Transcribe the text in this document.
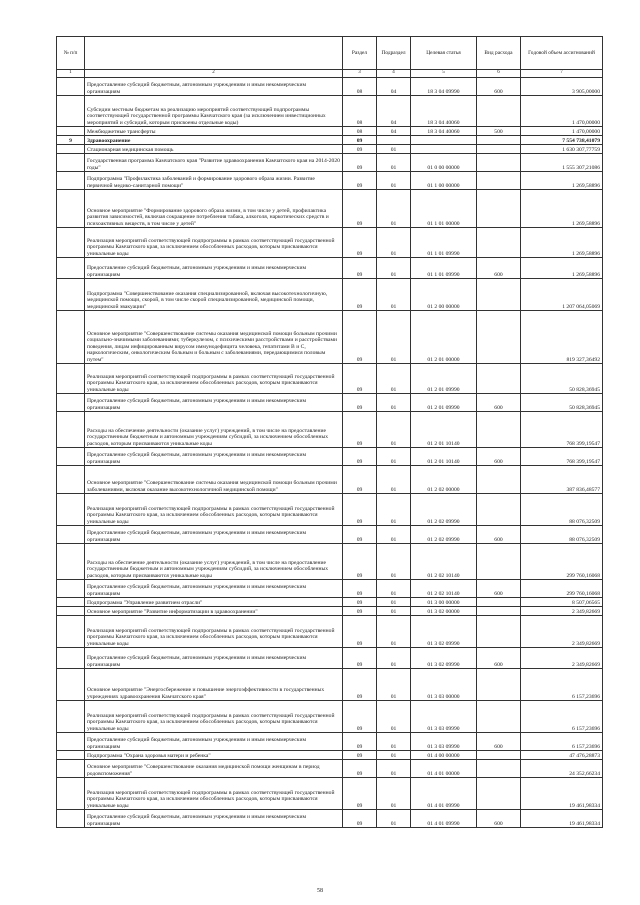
№ п/п		Раздел	Подраздел	Целевая статья	Вид расхода	Годовой объем ассигнований
1	2	3	4	5	6	7
	Предоставление субсидий бюджетным, автономным учреждениям и иным некоммерческим организациям	08	04	18 3 04 09990	600	3 905,00000
	Субсидии местным бюджетам на реализацию мероприятий соответствующей подпрограммы соответствующей государственной программы Камчатского края (за исключением инвестиционных мероприятий и субсидий, которым присвоены отдельные коды)	08	04	18 3 04 40060		1 470,00000
	Межбюджетные трансферты	08	04	18 3 04 40060	500	1 470,00000
9	Здравоохранение	09				7 554 738,41079
	Стационарная медицинская помощь	09	01			1 630 307,77759
	Государственная программа Камчатского края "Развитие здравоохранения Камчатского края на 2014-2020 годы"	09	01	01 0 00 00000		1 555 307,21086
	Подпрограмма "Профилактика заболеваний и формирование здорового образа жизни. Развитие первичной медико-санитарной помощи"	09	01	01 1 00 00000		1 269,58896
	Основное мероприятие "Формирование здорового образа жизни, в том числе у детей, профилактика развития зависимостей, включая сокращение потребления табака, алкоголя, наркотических средств и психоактивных веществ, в том числе у детей"	09	01	01 1 01 00000		1 269,58896
	Реализация мероприятий соответствующей подпрограммы в рамках соответствующей государственной программы Камчатского края, за исключением обособленных расходов, которым присваиваются уникальные коды	09	01	01 1 01 09990		1 269,58896
	Предоставление субсидий бюджетным, автономным учреждениям и иным некоммерческим организациям	09	01	01 1 01 09990	600	1 269,58896
	Подпрограмма "Совершенствование оказания специализированной, включая высокотехнологичную, медицинской помощи, скорой, в том числе скорой специализированной, медицинской помощи, медицинской эвакуации"	09	01	01 2 00 00000		1 207 064,05069
	Основное мероприятие "Совершенствование системы оказания медицинской помощи больным прочими социально-значимыми заболеваниями; туберкулезом, с психическими расстройствами и расстройствами поведения, лицам инфицированным вирусом иммунодефицита человека, гепатитами B и C, наркологическим, онкологическим больным и больным с заболеваниями, передающимися половым путем"	09	01	01 2 01 00000		819 327,36492
	Реализация мероприятий соответствующей подпрограммы в рамках соответствующей государственной программы Камчатского края, за исключением обособленных расходов, которым присваиваются уникальные коды	09	01	01 2 01 09990		50 828,36945
	Предоставление субсидий бюджетным, автономным учреждениям и иным некоммерческим организациям	09	01	01 2 01 09990	600	50 828,36945
	Расходы на обеспечение деятельности (оказание услуг) учреждений, в том числе на предоставление государственным бюджетным и автономным учреждениям субсидий, за исключением обособленных расходов, которым присваиваются уникальные коды	09	01	01 2 01 10140		768 399,19547
	Предоставление субсидий бюджетным, автономным учреждениям и иным некоммерческим организациям	09	01	01 2 01 10140	600	768 399,19547
	Основное мероприятие "Совершенствование системы оказания медицинской помощи больным прочими заболеваниями, включая оказание высокотехнологичной медицинской помощи"	09	01	01 2 02 00000		387 836,48577
	Реализация мероприятий соответствующей подпрограммы в рамках соответствующей государственной программы Камчатского края, за исключением обособленных расходов, которым присваиваются уникальные коды	09	01	01 2 02 09990		88 076,32509
	Предоставление субсидий бюджетным, автономным учреждениям и иным некоммерческим организациям	09	01	01 2 02 09990	600	88 076,32509
	Расходы на обеспечение деятельности (оказание услуг) учреждений, в том числе на предоставление государственным бюджетным и автономным учреждениям субсидий, за исключением обособленных расходов, которым присваиваются уникальные коды	09	01	01 2 02 10140		299 760,16068
	Предоставление субсидий бюджетным, автономным учреждениям и иным некоммерческим организациям	09	01	01 2 02 10140	600	299 760,16068
	Подпрограмма "Управление развитием отрасли"	09	01	01 3 00 00000		8 507,06565
	Основное мероприятие "Развитие информатизации в здравоохранении"	09	01	01 3 02 00000		2 349,82669
	Реализация мероприятий соответствующей подпрограммы в рамках соответствующей государственной программы Камчатского края, за исключением обособленных расходов, которым присваиваются уникальные коды	09	01	01 3 02 09990		2 349,82669
	Предоставление субсидий бюджетным, автономным учреждениям и иным некоммерческим организациям	09	01	01 3 02 09990	600	2 349,82669
	Основное мероприятие "Энергосбережение и повышение энергоэффективности в государственных учреждениях здравоохранения Камчатского края"	09	01	01 3 03 00000		6 157,23696
	Реализация мероприятий соответствующей подпрограммы в рамках соответствующей государственной программы Камчатского края, за исключением обособленных расходов, которым присваиваются уникальные коды	09	01	01 3 03 09990		6 157,23696
	Предоставление субсидий бюджетным, автономным учреждениям и иным некоммерческим организациям	09	01	01 3 03 09990	600	6 157,23696
	Подпрограмма "Охрана здоровья матери и ребенка"	09	01	01 4 00 00000		47 476,28873
	Основное мероприятие "Совершенствование оказания медицинской помощи женщинам в период родовспоможения"	09	01	01 4 01 00000		24 352,66234
	Реализация мероприятий соответствующей подпрограммы в рамках соответствующей государственной программы Камчатского края, за исключением обособленных расходов, которым присваиваются уникальные коды	09	01	01 4 01 09990		19 461,98334
	Предоставление субсидий бюджетным, автономным учреждениям и иным некоммерческим организациям	09	01	01 4 01 09990	600	19 461,98334
58
